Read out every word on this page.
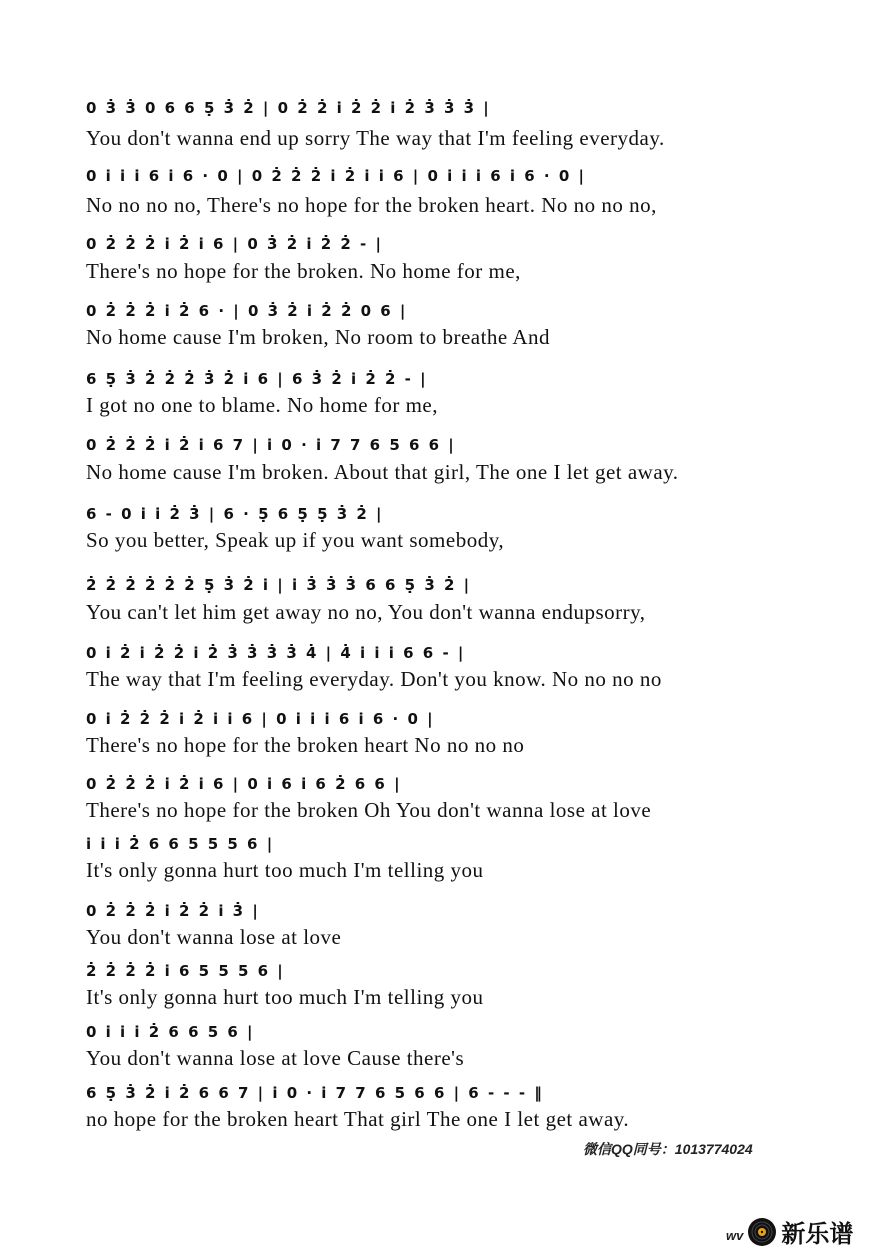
0 3̇ 3̇ 0 6 6 5̣ 3̇ 2̇ | 0 2̇ 2̇ i 2̇ 2̇ i 2̇ 3̇ 3̇ 3̇ |
You don't wanna end up sorry The way that I'm feeling everyday.
0 i i i 6 i 6 · 0 | 0 2̇ 2̇ 2̇ i 2̇ i i 6 | 0 i i i 6 i 6 · 0 |
No no no no, There's no hope for the broken heart. No no no no,
0 2̇ 2̇ 2̇ i 2̇ i 6 | 0 3̇ 2̇ i 2̇ 2̇ - |
There's no hope for the broken. No home for me,
0 2̇ 2̇ 2̇ i 2̇ 6 · | 0 3̇ 2̇ i 2̇ 2̇ 0 6 |
No home cause I'm broken, No room to breathe And
6 5̣ 3̇ 2̇ 2̇ 2̇ 3̇ 2̇ i 6 | 6 3̇ 2̇ i 2̇ 2̇ - |
I got no one to blame. No home for me,
0 2̇ 2̇ 2̇ i 2̇ i 6 7 | i 0 · i 7 7 6 5 6 6 |
No home cause I'm broken. About that girl, The one I let get away.
6 - 0 i i 2̇ 3̇ | 6 · 5̣ 6 5̣ 5̣ 3̇ 2̇ |
So you better, Speak up if you want somebody,
2̇ 2̇ 2̇ 2̇ 2̇ 2̇ 5̣ 3̇ 2̇ i | i 3̇ 3̇ 3̇ 6 6 5̣ 3̇ 2̇ |
You can't let him get away no no, You don't wanna endupsorry,
0 i 2̇ i 2̇ 2̇ i 2̇ 3̇ 3̇ 3̇ 3̇ 4̇ | 4̇ i i i 6 6 - |
The way that I'm feeling everyday. Don't you know. No no no no
0 i 2̇ 2̇ 2̇ i 2̇ i i 6 | 0 i i i 6 i 6 · 0 |
There's no hope for the broken heart No no no no
0 2̇ 2̇ 2̇ i 2̇ i 6 | 0 i 6 i 6 2̇ 6 6 |
There's no hope for the broken Oh You don't wanna lose at love
i i i 2̇ 6 6 5 5 5 6 |
It's only gonna hurt too much I'm telling you
0 2̇ 2̇ 2̇ i 2̇ 2̇ i 3̇ |
You don't wanna lose at love
2̇ 2̇ 2̇ 2̇ i 6 5 5 5 6 |
It's only gonna hurt too much I'm telling you
0 i i i 2̇ 6 6 5 6 |
You don't wanna lose at love Cause there's
6 5̣ 3̇ 2̇ i 2̇ 6 6 7 | i 0 · i 7 7 6 5 6 6 | 6 - - - ‖
no hope for the broken heart That girl The one I let get away.
微信QQ同号：1013774024
wv 新乐谱
